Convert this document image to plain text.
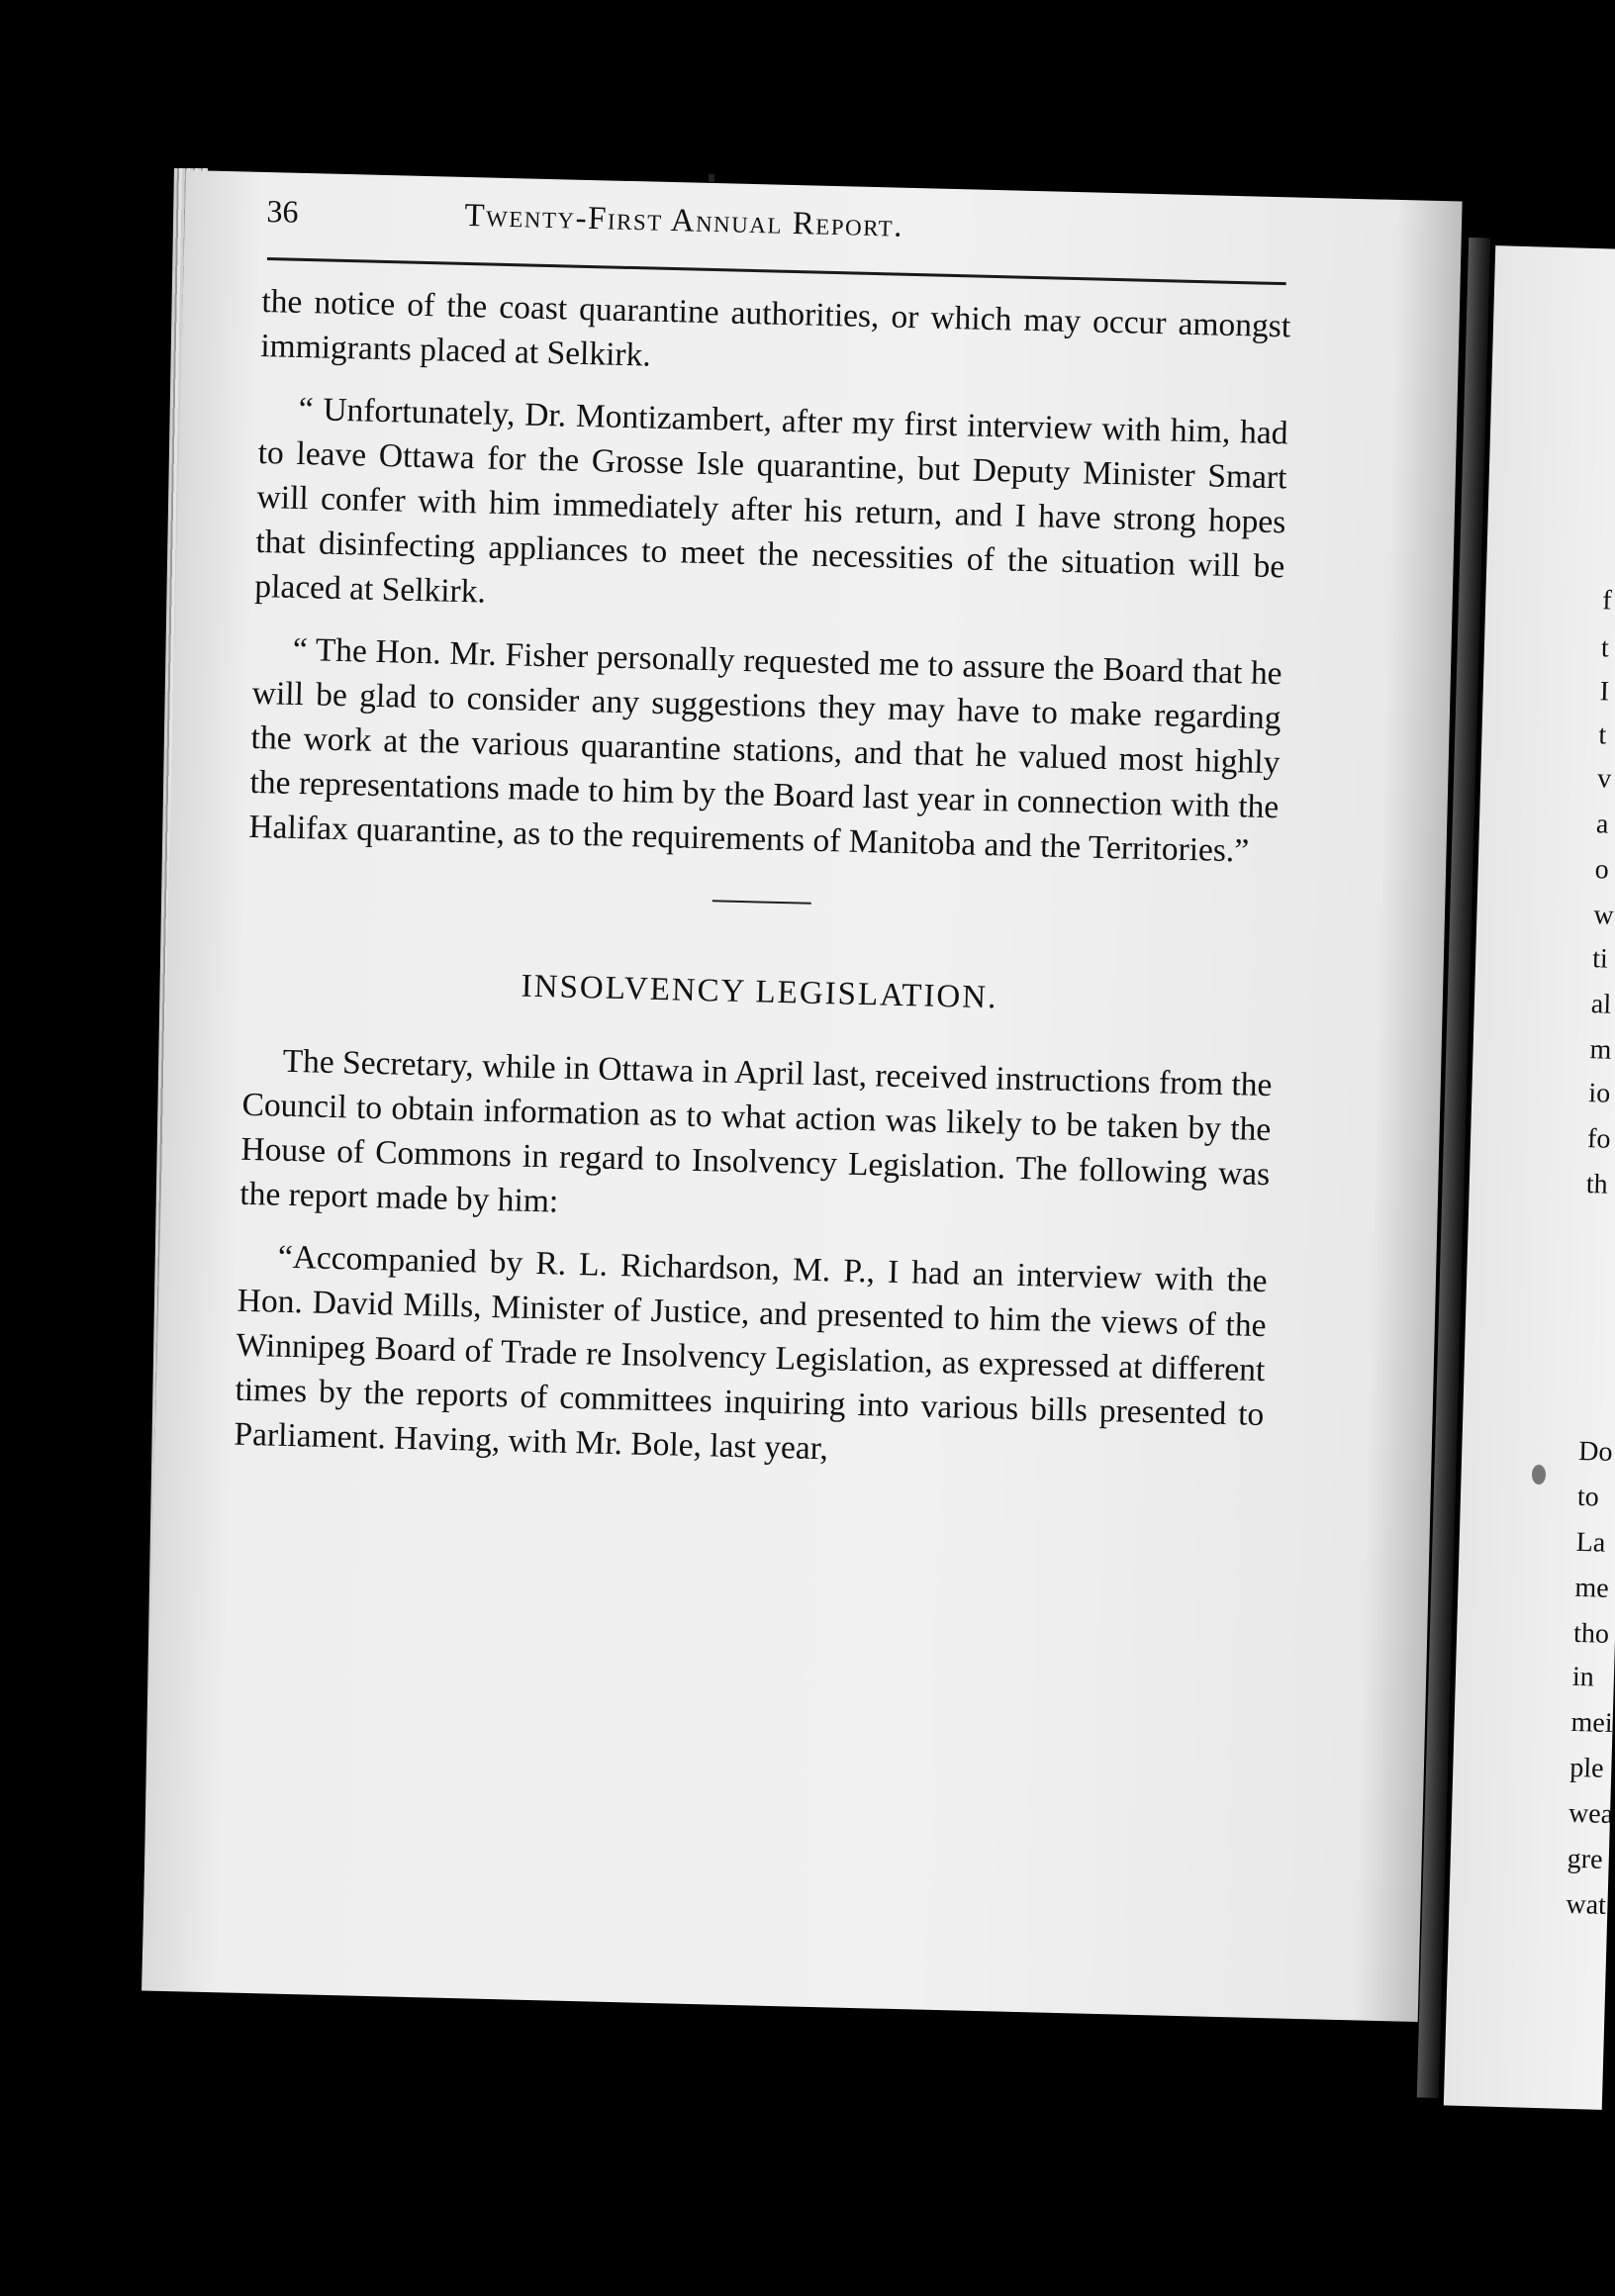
f
t
I
t
v
a
o
w
ti
al
m
io
fo
th
Do
to
La
me
tho
in
mei
ple
wea
gre
wat
36	Twenty-First Annual Report.

the notice of the coast quarantine authorities, or which may occur amongst immigrants placed at Selkirk.

“ Unfortunately, Dr. Montizambert, after my first interview with him, had to leave Ottawa for the Grosse Isle quarantine, but Deputy Minister Smart will confer with him immediately after his return, and I have strong hopes that disinfecting appliances to meet the necessities of the situation will be placed at Selkirk.

“ The Hon. Mr. Fisher personally requested me to assure the Board that he will be glad to consider any suggestions they may have to make regarding the work at the various quarantine stations, and that he valued most highly the representations made to him by the Board last year in connection with the Halifax quarantine, as to the requirements of Manitoba and the Territories.”

INSOLVENCY LEGISLATION.

The Secretary, while in Ottawa in April last, received instructions from the Council to obtain information as to what action was likely to be taken by the House of Commons in regard to Insolvency Legislation. The following was the report made by him:

“Accompanied by R. L. Richardson, M. P., I had an interview with the Hon. David Mills, Minister of Justice, and presented to him the views of the Winnipeg Board of Trade re Insolvency Legislation, as expressed at different times by the reports of committees inquiring into various bills presented to Parliament. Having, with Mr. Bole, last year,
